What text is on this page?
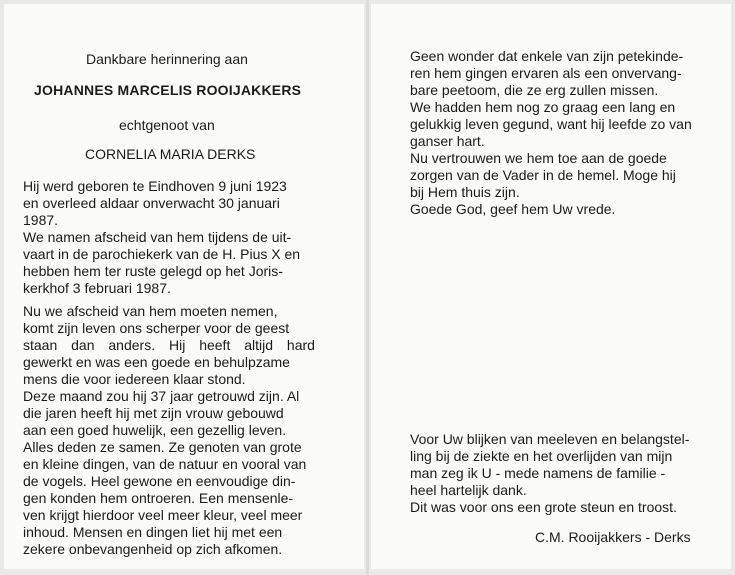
Dankbare herinnering aan
JOHANNES MARCELIS ROOIJAKKERS
echtgenoot van
CORNELIA MARIA DERKS
Hij werd geboren te Eindhoven 9 juni 1923
en overleed aldaar onverwacht 30 januari
1987.
We namen afscheid van hem tijdens de uit-
vaart in de parochiekerk van de H. Pius X en
hebben hem ter ruste gelegd op het Joris-
kerkhof 3 februari 1987.
Nu we afscheid van hem moeten nemen,
komt zijn leven ons scherper voor de geest
staan dan anders. Hij heeft altijd hard
gewerkt en was een goede en behulpzame
mens die voor iedereen klaar stond.
Deze maand zou hij 37 jaar getrouwd zijn. Al
die jaren heeft hij met zijn vrouw gebouwd
aan een goed huwelijk, een gezellig leven.
Alles deden ze samen. Ze genoten van grote
en kleine dingen, van de natuur en vooral van
de vogels. Heel gewone en eenvoudige din-
gen konden hem ontroeren. Een mensenle-
ven krijgt hierdoor veel meer kleur, veel meer
inhoud. Mensen en dingen liet hij met een
zekere onbevangenheid op zich afkomen.
Geen wonder dat enkele van zijn petekinde-
ren hem gingen ervaren als een onvervang-
bare peetoom, die ze erg zullen missen.
We hadden hem nog zo graag een lang en
gelukkig leven gegund, want hij leefde zo van
ganser hart.
Nu vertrouwen we hem toe aan de goede
zorgen van de Vader in de hemel. Moge hij
bij Hem thuis zijn.
Goede God, geef hem Uw vrede.
Voor Uw blijken van meeleven en belangstel-
ling bij de ziekte en het overlijden van mijn
man zeg ik U - mede namens de familie -
heel hartelijk dank.
Dit was voor ons een grote steun en troost.
C.M. Rooijakkers - Derks
